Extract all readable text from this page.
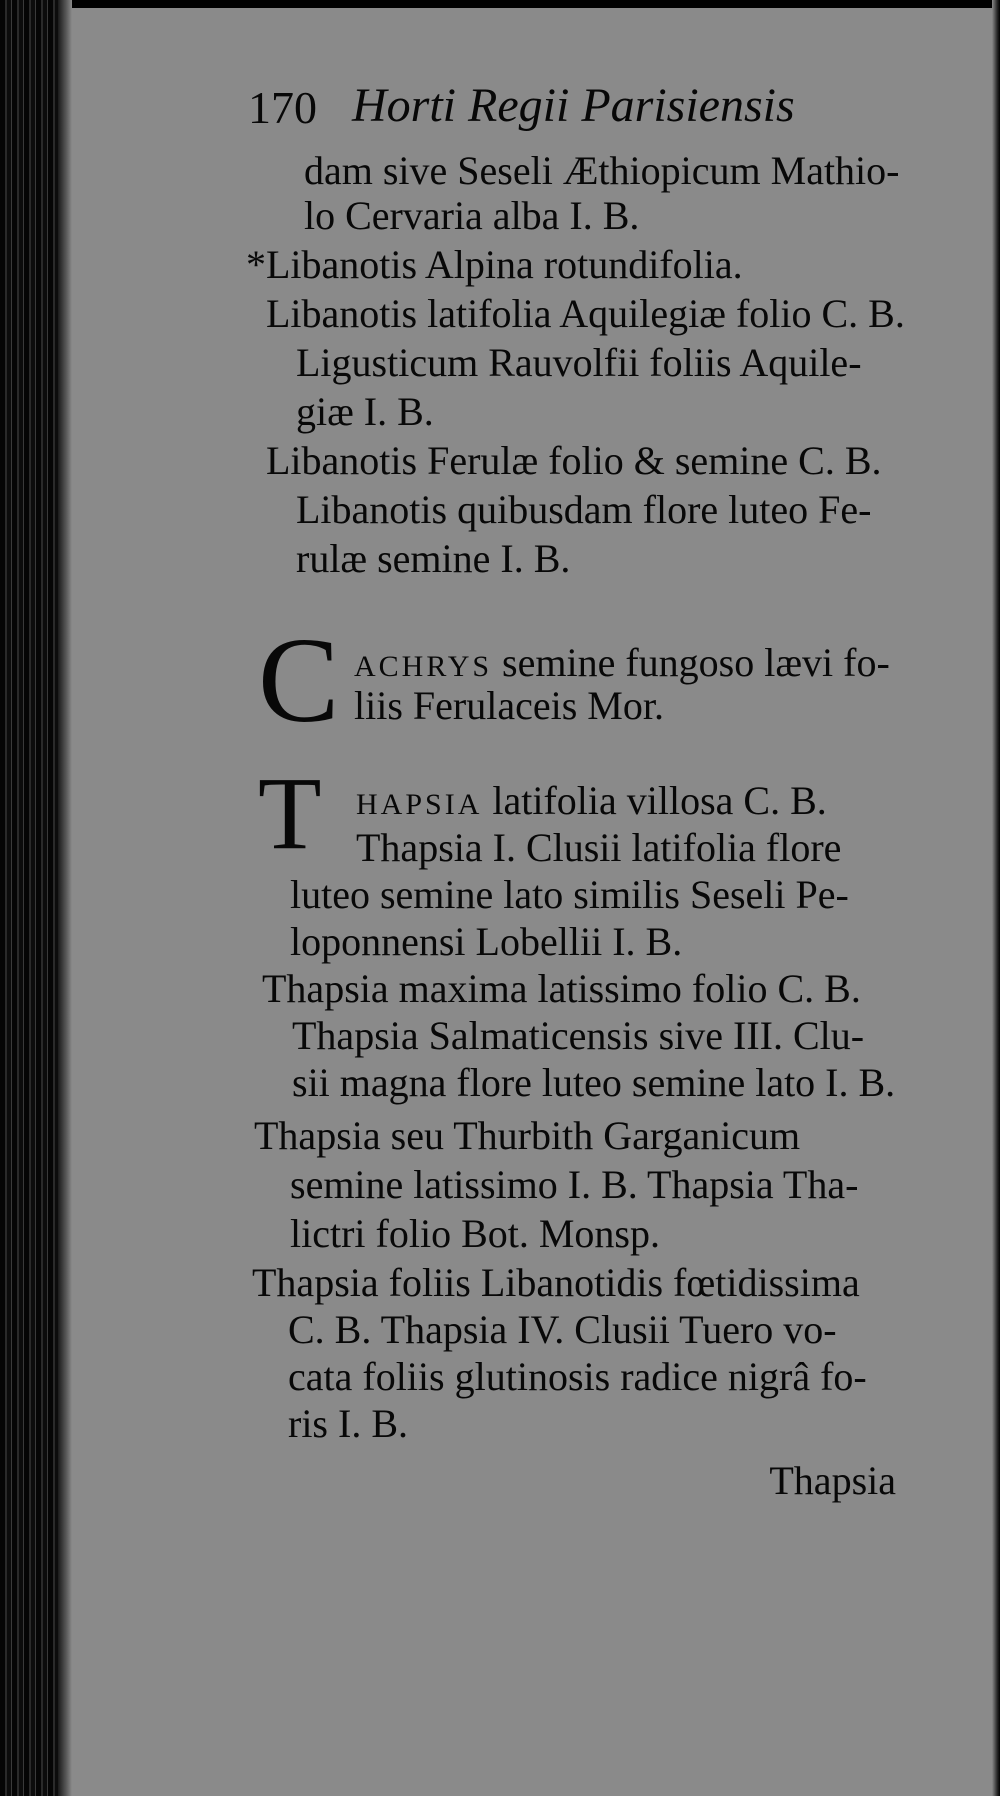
170 Horti Regii Parisiensis

dam sive Seseli Æthiopicum Mathio-

lo Cervaria alba I. B.

*Libanotis Alpina rotundifolia.

Libanotis latifolia Aquilegiæ folio C. B.

Ligusticum Rauvolfii foliis Aquile-

giæ I. B.

Libanotis Ferulæ folio & semine C. B.

Libanotis quibusdam flore luteo Fe-

rulæ semine I. B.

C ACHRYS semine fungoso lævi fo-

liis Ferulaceis Mor.

T HAPSIA latifolia villosa C. B.

Thapsia I. Clusii latifolia flore

luteo semine lato similis Seseli Pe-

loponnensi Lobellii I. B.

Thapsia maxima latissimo folio C. B.

Thapsia Salmaticensis sive III. Clu-

sii magna flore luteo semine lato I. B.

Thapsia seu Thurbith Garganicum

semine latissimo I. B. Thapsia Tha-

lictri folio Bot. Monsp.

Thapsia foliis Libanotidis fœtidissima

C. B. Thapsia IV. Clusii Tuero vo-

cata foliis glutinosis radice nigrâ fo-

ris I. B.

Thapsia
